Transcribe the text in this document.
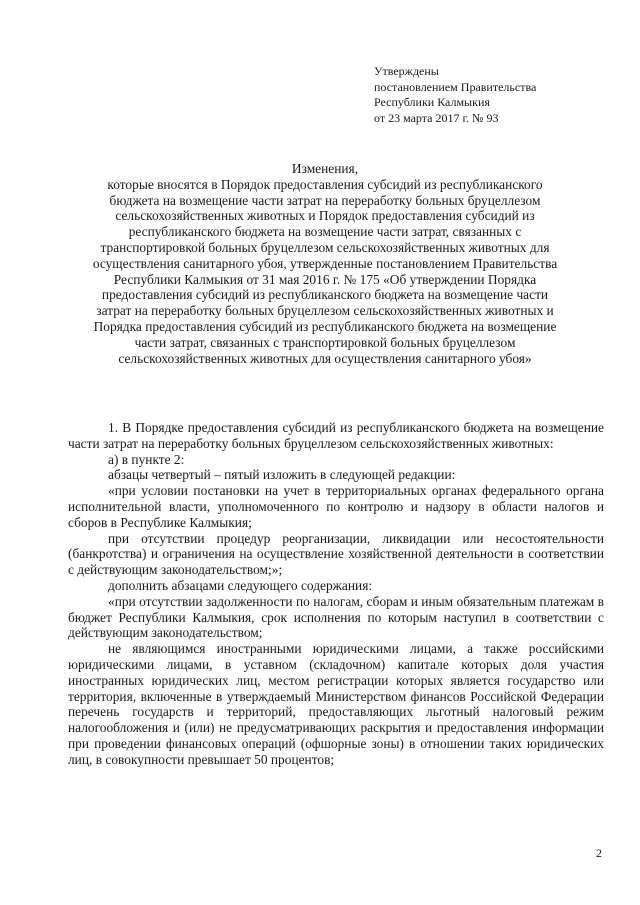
Утверждены
постановлением Правительства
Республики Калмыкия
от 23 марта 2017 г. № 93
Изменения,
которые вносятся в Порядок предоставления субсидий из республиканского
бюджета на возмещение части затрат на переработку больных бруцеллезом
сельскохозяйственных животных и Порядок предоставления субсидий из
республиканского бюджета на возмещение части затрат, связанных с
транспортировкой больных бруцеллезом сельскохозяйственных животных для
осуществления санитарного убоя, утвержденные постановлением Правительства
Республики Калмыкия от 31 мая 2016 г. № 175 «Об утверждении Порядка
предоставления субсидий из республиканского бюджета на возмещение части
затрат на переработку больных бруцеллезом сельскохозяйственных животных и
Порядка предоставления субсидий из республиканского бюджета на возмещение
части затрат, связанных с транспортировкой больных бруцеллезом
сельскохозяйственных животных для осуществления санитарного убоя»

1. В Порядке предоставления субсидий из республиканского бюджета на возмещение части затрат на переработку больных бруцеллезом сельскохозяйственных животных:

а) в пункте 2:

абзацы четвертый – пятый изложить в следующей редакции:

«при условии постановки на учет в территориальных органах федерального органа исполнительной власти, уполномоченного по контролю и надзору в области налогов и сборов в Республике Калмыкия;

при отсутствии процедур реорганизации, ликвидации или несостоятельности (банкротства) и ограничения на осуществление хозяйственной деятельности в соответствии с действующим законодательством;»;

дополнить абзацами следующего содержания:

«при отсутствии задолженности по налогам, сборам и иным обязательным платежам в бюджет Республики Калмыкия, срок исполнения по которым наступил в соответствии с действующим законодательством;

не являющимся иностранными юридическими лицами, а также российскими юридическими лицами, в уставном (складочном) капитале которых доля участия иностранных юридических лиц, местом регистрации которых является государство или территория, включенные в утверждаемый Министерством финансов Российской Федерации перечень государств и территорий, предоставляющих льготный налоговый режим налогообложения и (или) не предусматривающих раскрытия и предоставления информации при проведении финансовых операций (офшорные зоны) в отношении таких юридических лиц, в совокупности превышает 50 процентов;

2
